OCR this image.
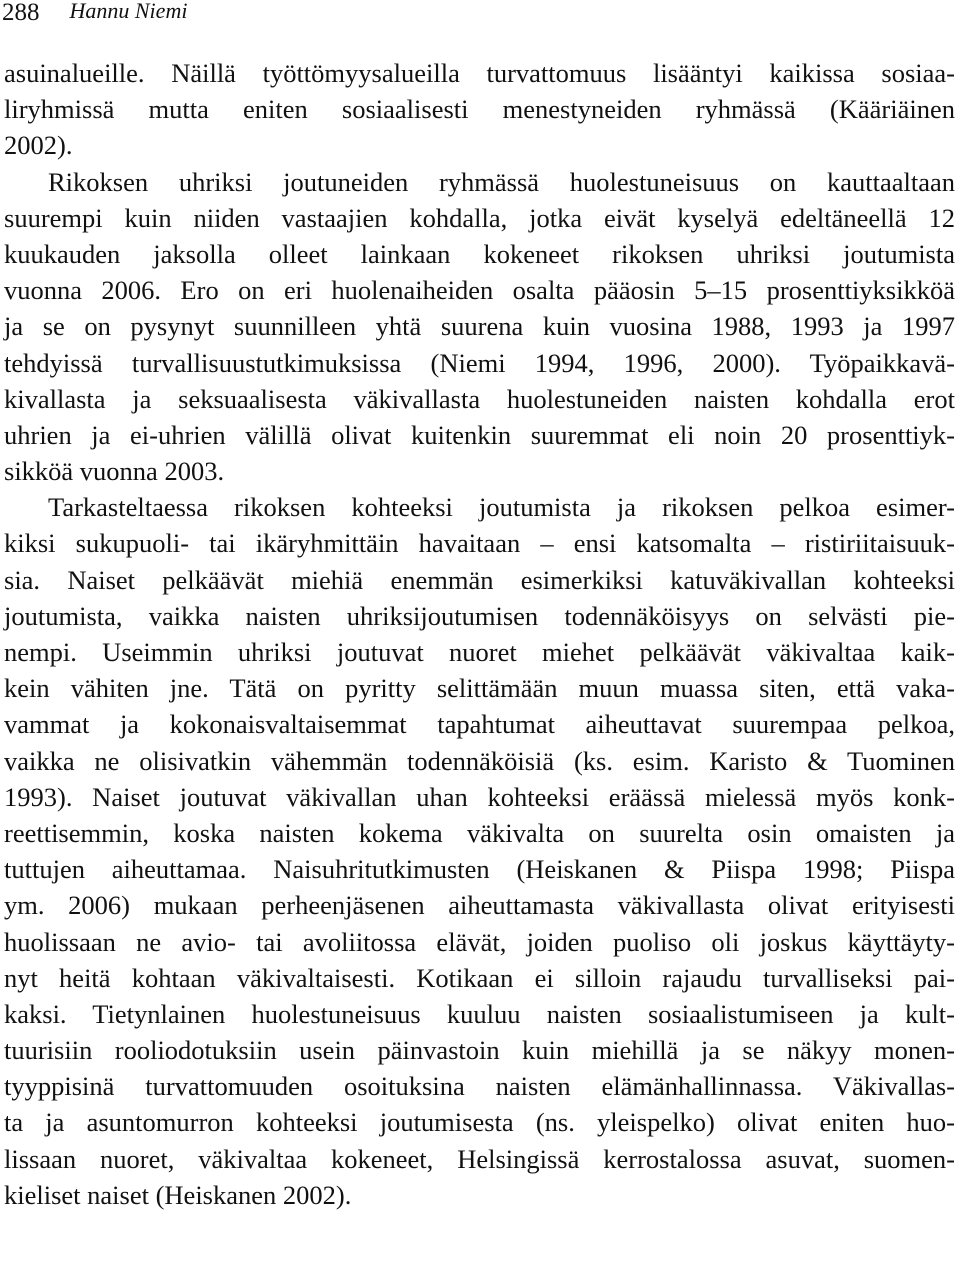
288 Hannu Niemi
asuinalueille. Näillä työttömyysalueilla turvattomuus lisääntyi kaikissa sosiaa-
liryhmissä mutta eniten sosiaalisesti menestyneiden ryhmässä (Kääriäinen
2002).
Rikoksen uhriksi joutuneiden ryhmässä huolestuneisuus on kauttaaltaan
suurempi kuin niiden vastaajien kohdalla, jotka eivät kyselyä edeltäneellä 12
kuukauden jaksolla olleet lainkaan kokeneet rikoksen uhriksi joutumista
vuonna 2006. Ero on eri huolenaiheiden osalta pääosin 5–15 prosenttiyksikköä
ja se on pysynyt suunnilleen yhtä suurena kuin vuosina 1988, 1993 ja 1997
tehdyissä turvallisuustutkimuksissa (Niemi 1994, 1996, 2000). Työpaikkavä-
kivallasta ja seksuaalisesta väkivallasta huolestuneiden naisten kohdalla erot
uhrien ja ei-uhrien välillä olivat kuitenkin suuremmat eli noin 20 prosenttiyk-
sikköä vuonna 2003.
Tarkasteltaessa rikoksen kohteeksi joutumista ja rikoksen pelkoa esimer-
kiksi sukupuoli- tai ikäryhmittäin havaitaan – ensi katsomalta – ristiriitaisuuk-
sia. Naiset pelkäävät miehiä enemmän esimerkiksi katuväkivallan kohteeksi
joutumista, vaikka naisten uhriksijoutumisen todennäköisyys on selvästi pie-
nempi. Useimmin uhriksi joutuvat nuoret miehet pelkäävät väkivaltaa kaik-
kein vähiten jne. Tätä on pyritty selittämään muun muassa siten, että vaka-
vammat ja kokonaisvaltaisemmat tapahtumat aiheuttavat suurempaa pelkoa,
vaikka ne olisivatkin vähemmän todennäköisiä (ks. esim. Karisto & Tuominen
1993). Naiset joutuvat väkivallan uhan kohteeksi eräässä mielessä myös konk-
reettisemmin, koska naisten kokema väkivalta on suurelta osin omaisten ja
tuttujen aiheuttamaa. Naisuhritutkimusten (Heiskanen & Piispa 1998; Piispa
ym. 2006) mukaan perheenjäsenen aiheuttamasta väkivallasta olivat erityisesti
huolissaan ne avio- tai avoliitossa elävät, joiden puoliso oli joskus käyttäyty-
nyt heitä kohtaan väkivaltaisesti. Kotikaan ei silloin rajaudu turvalliseksi pai-
kaksi. Tietynlainen huolestuneisuus kuuluu naisten sosiaalistumiseen ja kult-
tuurisiin rooliodotuksiin usein päinvastoin kuin miehillä ja se näkyy monen-
tyyppisinä turvattomuuden osoituksina naisten elämänhallinnassa. Väkivallas-
ta ja asuntomurron kohteeksi joutumisesta (ns. yleispelko) olivat eniten huo-
lissaan nuoret, väkivaltaa kokeneet, Helsingissä kerrostalossa asuvat, suomen-
kieliset naiset (Heiskanen 2002).
